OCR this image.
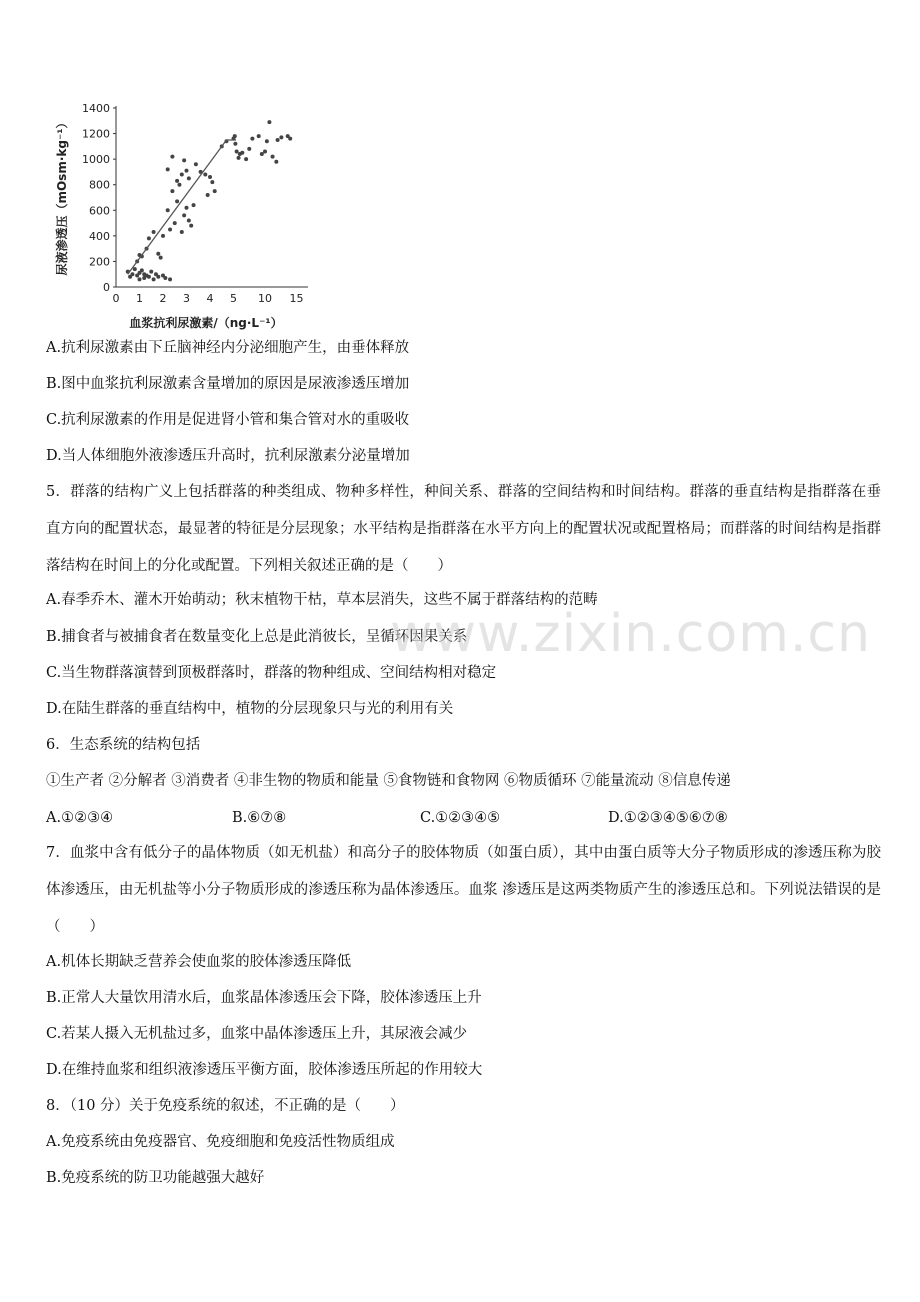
0
200
400
600
800
1000
1200
1400
0 1 2 3 4 5 10 15
尿液渗透压（mOsm·kg⁻¹）
血浆抗利尿激素/（ng·L⁻¹）
A.抗利尿激素由下丘脑神经内分泌细胞产生，由垂体释放
B.图中血浆抗利尿激素含量增加的原因是尿液渗透压增加
C.抗利尿激素的作用是促进肾小管和集合管对水的重吸收
D.当人体细胞外液渗透压升高时，抗利尿激素分泌量增加
5．群落的结构广义上包括群落的种类组成、物种多样性，种间关系、群落的空间结构和时间结构。群落的垂直结构是指群落在垂直方向的配置状态，最显著的特征是分层现象；水平结构是指群落在水平方向上的配置状况或配置格局；而群落的时间结构是指群落结构在时间上的分化或配置。下列相关叙述正确的是（　　）
A.春季乔木、灌木开始萌动；秋末植物干枯，草本层消失，这些不属于群落结构的范畴
B.捕食者与被捕食者在数量变化上总是此消彼长，呈循环因果关系
C.当生物群落演替到顶极群落时，群落的物种组成、空间结构相对稳定
D.在陆生群落的垂直结构中，植物的分层现象只与光的利用有关
6．生态系统的结构包括
①生产者 ②分解者 ③消费者 ④非生物的物质和能量 ⑤食物链和食物网 ⑥物质循环 ⑦能量流动 ⑧信息传递
A.①②③④	B.⑥⑦⑧	C.①②③④⑤	D.①②③④⑤⑥⑦⑧
7．血浆中含有低分子的晶体物质（如无机盐）和高分子的胶体物质（如蛋白质），其中由蛋白质等大分子物质形成的渗透压称为胶体渗透压，由无机盐等小分子物质形成的渗透压称为晶体渗透压。血浆 渗透压是这两类物质产生的渗透压总和。下列说法错误的是（　　）
A.机体长期缺乏营养会使血浆的胶体渗透压降低
B.正常人大量饮用清水后，血浆晶体渗透压会下降，胶体渗透压上升
C.若某人摄入无机盐过多，血浆中晶体渗透压上升，其尿液会减少
D.在维持血浆和组织液渗透压平衡方面，胶体渗透压所起的作用较大
8．（10 分）关于免疫系统的叙述，不正确的是（　　）
A.免疫系统由免疫器官、免疫细胞和免疫活性物质组成
B.免疫系统的防卫功能越强大越好
www.zixin.com.cn
